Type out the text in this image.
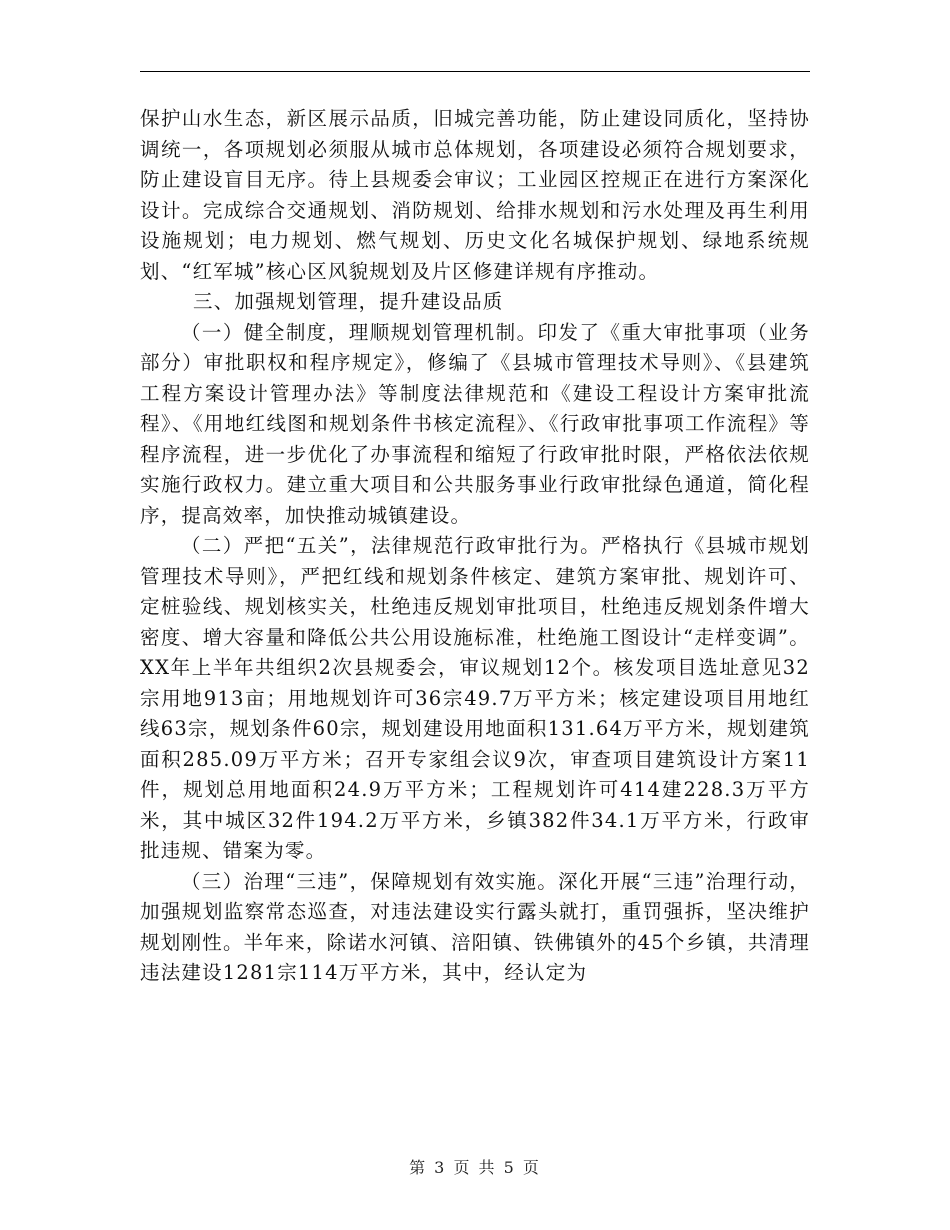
保护山水生态，新区展示品质，旧城完善功能，防止建设同质化，坚持协调统一，各项规划必须服从城市总体规划，各项建设必须符合规划要求，防止建设盲目无序。待上县规委会审议；工业园区控规正在进行方案深化设计。完成综合交通规划、消防规划、给排水规划和污水处理及再生利用设施规划；电力规划、燃气规划、历史文化名城保护规划、绿地系统规划、“红军城”核心区风貌规划及片区修建详规有序推动。

三、加强规划管理，提升建设品质

（一）健全制度，理顺规划管理机制。印发了《重大审批事项（业务部分）审批职权和程序规定》，修编了《县城市管理技术导则》、《县建筑工程方案设计管理办法》等制度法律规范和《建设工程设计方案审批流程》、《用地红线图和规划条件书核定流程》、《行政审批事项工作流程》等程序流程，进一步优化了办事流程和缩短了行政审批时限，严格依法依规实施行政权力。建立重大项目和公共服务事业行政审批绿色通道，简化程序，提高效率，加快推动城镇建设。

（二）严把“五关”，法律规范行政审批行为。严格执行《县城市规划管理技术导则》，严把红线和规划条件核定、建筑方案审批、规划许可、定桩验线、规划核实关，杜绝违反规划审批项目，杜绝违反规划条件增大密度、增大容量和降低公共公用设施标准，杜绝施工图设计“走样变调”。XX年上半年共组织2次县规委会，审议规划12个。核发项目选址意见32宗用地913亩；用地规划许可36宗49.7万平方米；核定建设项目用地红线63宗，规划条件60宗，规划建设用地面积131.64万平方米，规划建筑面积285.09万平方米；召开专家组会议9次，审查项目建筑设计方案11件，规划总用地面积24.9万平方米；工程规划许可414建228.3万平方米，其中城区32件194.2万平方米，乡镇382件34.1万平方米，行政审批违规、错案为零。

（三）治理“三违”，保障规划有效实施。深化开展“三违”治理行动，加强规划监察常态巡查，对违法建设实行露头就打，重罚强拆，坚决维护规划刚性。半年来，除诺水河镇、涪阳镇、铁佛镇外的45个乡镇，共清理违法建设1281宗114万平方米，其中，经认定为

第 3 页 共 5 页
